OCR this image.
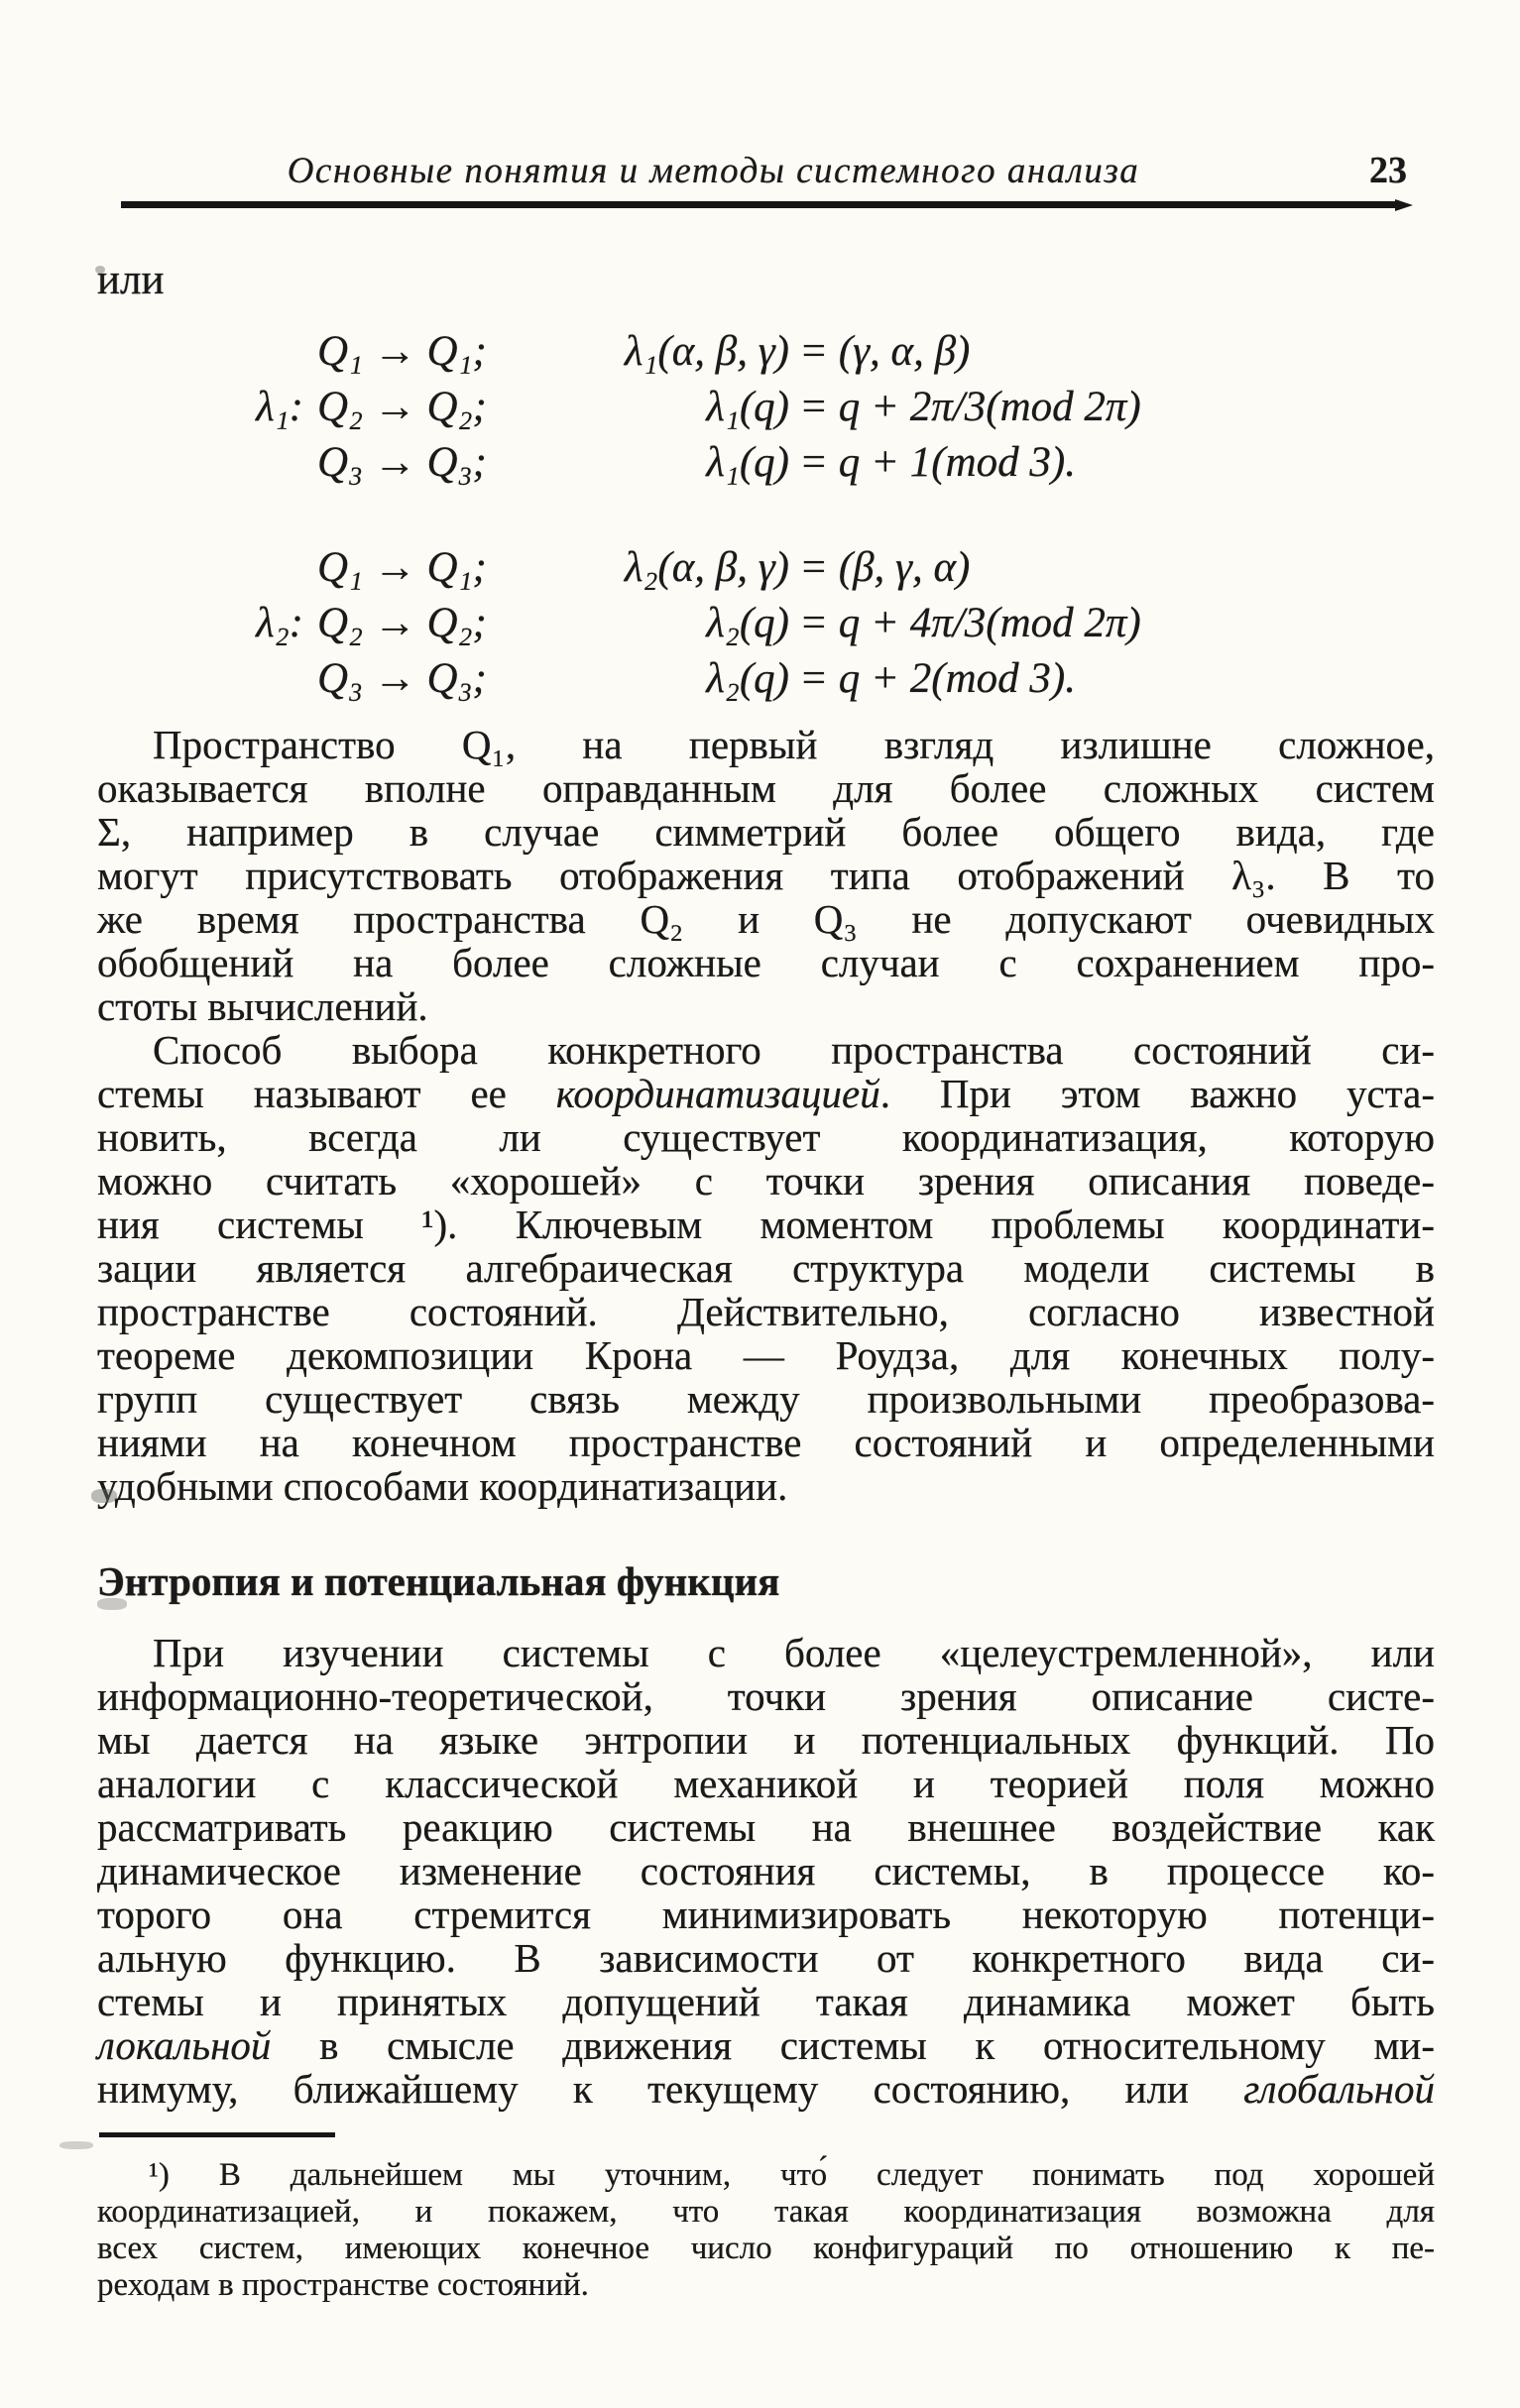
Основные понятия и методы системного анализа	23
или
Q₁ → Q₁;	λ₁(α, β, γ) = (γ, α, β)
λ₁: Q₂ → Q₂;	λ₁(q) = q + 2π/3(mod 2π)
Q₃ → Q₃;	λ₁(q) = q + 1(mod 3).
Q₁ → Q₁;	λ₂(α, β, γ) = (β, γ, α)
λ₂: Q₂ → Q₂;	λ₂(q) = q + 4π/3(mod 2π)
Q₃ → Q₃;	λ₂(q) = q + 2(mod 3).
Пространство Q₁, на первый взгляд излишне сложное,
оказывается вполне оправданным для более сложных систем
Σ, например в случае симметрий более общего вида, где
могут присутствовать отображения типа отображений λ₃. В то
же время пространства Q₂ и Q₃ не допускают очевидных
обобщений на более сложные случаи с сохранением про-
стоты вычислений.
Способ выбора конкретного пространства состояний си-
стемы называют ее координатизацией. При этом важно уста-
новить, всегда ли существует координатизация, которую
можно считать «хорошей» с точки зрения описания поведе-
ния системы ¹). Ключевым моментом проблемы координати-
зации является алгебраическая структура модели системы в
пространстве состояний. Действительно, согласно известной
теореме декомпозиции Крона — Роудза, для конечных полу-
групп существует связь между произвольными преобразова-
ниями на конечном пространстве состояний и определенными
удобными способами координатизации.
Энтропия и потенциальная функция
При изучении системы с более «целеустремленной», или
информационно-теоретической, точки зрения описание систе-
мы дается на языке энтропии и потенциальных функций. По
аналогии с классической механикой и теорией поля можно
рассматривать реакцию системы на внешнее воздействие как
динамическое изменение состояния системы, в процессе ко-
торого она стремится минимизировать некоторую потенци-
альную функцию. В зависимости от конкретного вида си-
стемы и принятых допущений такая динамика может быть
локальной в смысле движения системы к относительному ми-
нимуму, ближайшему к текущему состоянию, или глобальной
¹) В дальнейшем мы уточним, что́ следует понимать под хорошей
координатизацией, и покажем, что такая координатизация возможна для
всех систем, имеющих конечное число конфигураций по отношению к пе-
реходам в пространстве состояний.
